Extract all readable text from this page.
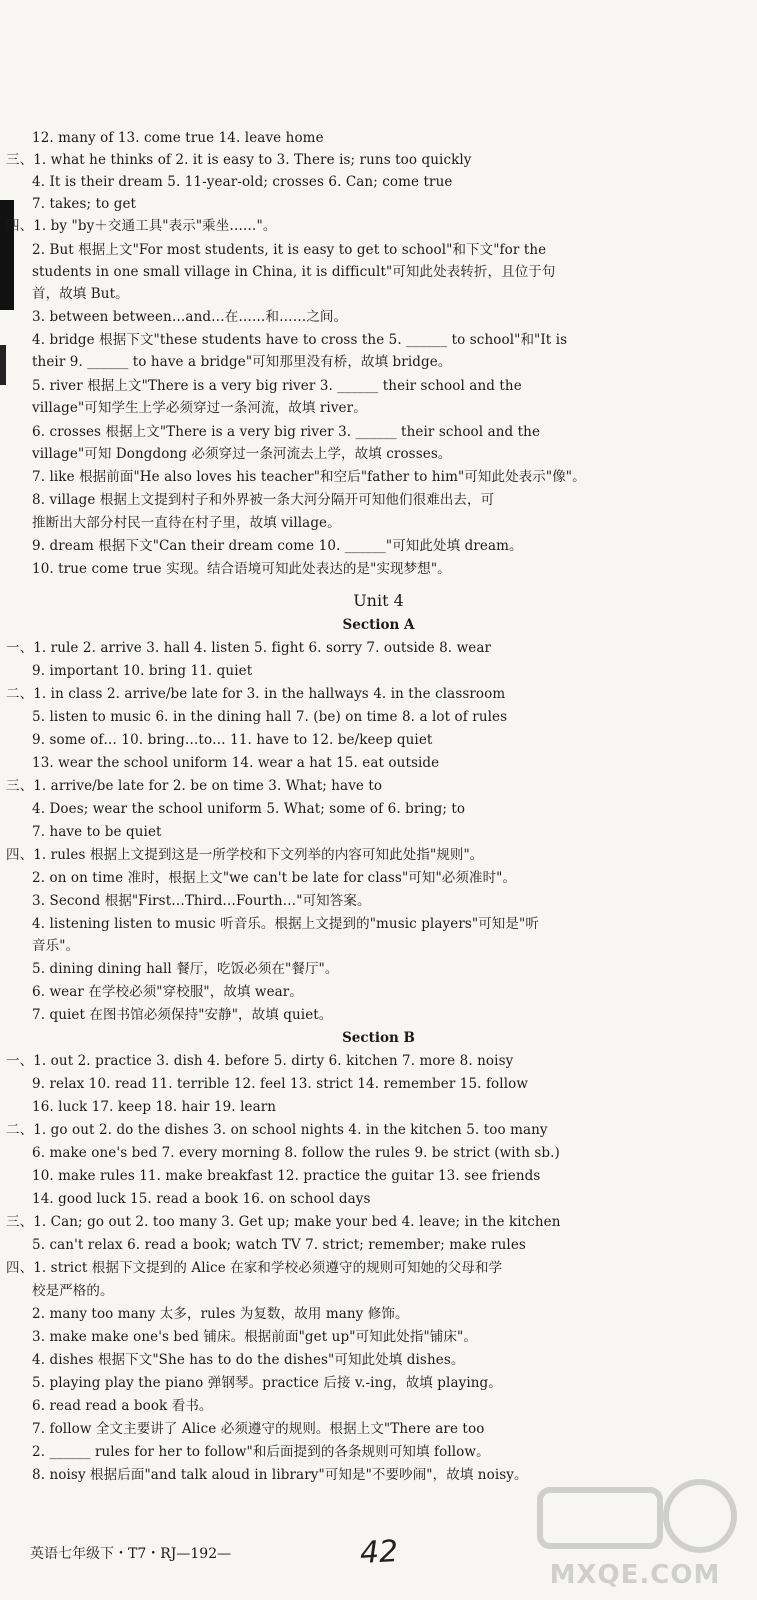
Unit 4
Section A
Section B
12. many of 13. come true 14. leave home
三、1. what he thinks of 2. it is easy to 3. There is; runs too quickly
4. It is their dream 5. 11-year-old; crosses 6. Can; come true
7. takes; to get
四、1. by "by＋交通工具"表示"乘坐……"。
2. But 根据上文"For most students, it is easy to get to school"和下文"for the
students in one small village in China, it is difficult"可知此处表转折，且位于句
首，故填 But。
3. between between…and…在……和……之间。
4. bridge 根据下文"these students have to cross the 5. ______ to school"和"It is
their 9. ______ to have a bridge"可知那里没有桥，故填 bridge。
5. river 根据上文"There is a very big river 3. ______ their school and the
village"可知学生上学必须穿过一条河流，故填 river。
6. crosses 根据上文"There is a very big river 3. ______ their school and the
village"可知 Dongdong 必须穿过一条河流去上学，故填 crosses。
7. like 根据前面"He also loves his teacher"和空后"father to him"可知此处表示"像"。
8. village 根据上文提到村子和外界被一条大河分隔开可知他们很难出去，可
推断出大部分村民一直待在村子里，故填 village。
9. dream 根据下文"Can their dream come 10. ______"可知此处填 dream。
10. true come true 实现。结合语境可知此处表达的是"实现梦想"。
一、1. rule 2. arrive 3. hall 4. listen 5. fight 6. sorry 7. outside 8. wear
9. important 10. bring 11. quiet
二、1. in class 2. arrive/be late for 3. in the hallways 4. in the classroom
5. listen to music 6. in the dining hall 7. (be) on time 8. a lot of rules
9. some of… 10. bring…to… 11. have to 12. be/keep quiet
13. wear the school uniform 14. wear a hat 15. eat outside
三、1. arrive/be late for 2. be on time 3. What; have to
4. Does; wear the school uniform 5. What; some of 6. bring; to
7. have to be quiet
四、1. rules 根据上文提到这是一所学校和下文列举的内容可知此处指"规则"。
2. on on time 准时，根据上文"we can't be late for class"可知"必须准时"。
3. Second 根据"First…Third…Fourth…"可知答案。
4. listening listen to music 听音乐。根据上文提到的"music players"可知是"听
音乐"。
5. dining dining hall 餐厅，吃饭必须在"餐厅"。
6. wear 在学校必须"穿校服"，故填 wear。
7. quiet 在图书馆必须保持"安静"，故填 quiet。
一、1. out 2. practice 3. dish 4. before 5. dirty 6. kitchen 7. more 8. noisy
9. relax 10. read 11. terrible 12. feel 13. strict 14. remember 15. follow
16. luck 17. keep 18. hair 19. learn
二、1. go out 2. do the dishes 3. on school nights 4. in the kitchen 5. too many
6. make one's bed 7. every morning 8. follow the rules 9. be strict (with sb.)
10. make rules 11. make breakfast 12. practice the guitar 13. see friends
14. good luck 15. read a book 16. on school days
三、1. Can; go out 2. too many 3. Get up; make your bed 4. leave; in the kitchen
5. can't relax 6. read a book; watch TV 7. strict; remember; make rules
四、1. strict 根据下文提到的 Alice 在家和学校必须遵守的规则可知她的父母和学
校是严格的。
2. many too many 太多，rules 为复数，故用 many 修饰。
3. make make one's bed 铺床。根据前面"get up"可知此处指"铺床"。
4. dishes 根据下文"She has to do the dishes"可知此处填 dishes。
5. playing play the piano 弹钢琴。practice 后接 v.-ing，故填 playing。
6. read read a book 看书。
7. follow 全文主要讲了 Alice 必须遵守的规则。根据上文"There are too
2. ______ rules for her to follow"和后面提到的各条规则可知填 follow。
8. noisy 根据后面"and talk aloud in library"可知是"不要吵闹"，故填 noisy。
英语七年级下・T7・RJ—192—	42
MXQE.COM
